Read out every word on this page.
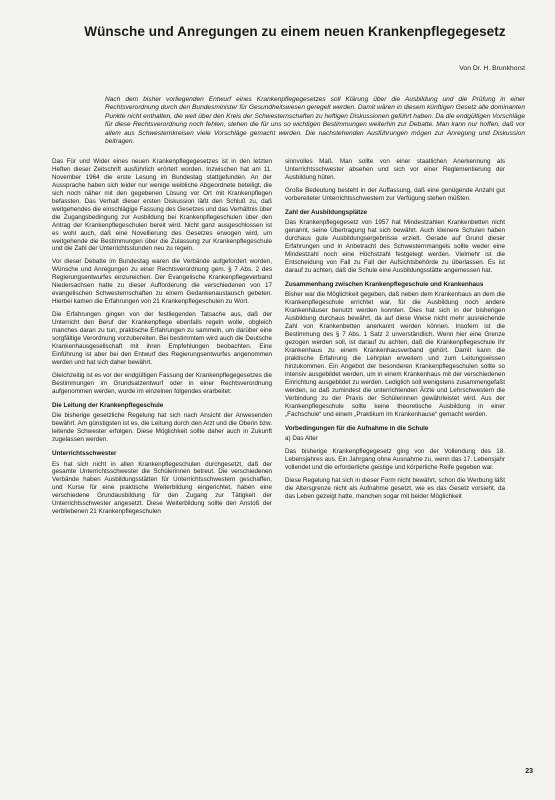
Wünsche und Anregungen zu einem neuen Krankenpflegegesetz
Von Dr. H. Brunkhorst

Nach dem bisher vorliegenden Entwurf eines Krankenpflegegesetzes soll Klärung über die Ausbildung und die Prüfung in einer Rechtsverordnung durch den Bundesminister für Gesundheitswesen geregelt werden. Damit wären in diesem künftigen Gesetz alle dominanten Punkte nicht enthalten, die weit über den Kreis der Schwesternschaften zu heftigen Diskussionen geführt haben. Da die endgültigen Vorschläge für diese Rechtsverordnung noch fehlen, stehen die für uns so wichtigen Bestimmungen weiterhin zur Debatte. Man kann nur hoffen, daß vor allem aus Schwesternkreisen viele Vorschläge gemacht werden. Die nachstehenden Ausführungen mögen zur Anregung und Diskussion beitragen.

Das Für und Wider eines neuen Krankenpflegegesetzes ist in den letzten Heften dieser Zeitschrift ausführlich erörtert worden. Inzwischen hat am 11. November 1964 die erste Lesung im Bundestag stattgefunden. An der Aussprache haben sich leider nur wenige weibliche Abgeordnete beteiligt, die sich noch näher mit den gegebenen Lösung vor Ort mit Krankenpflegen befassten. Das Verhalt dieser ersten Diskussion läßt den Schluß zu, daß weitgehendes die einschlägige Fassung des Gesetzes und das Verhältnis über die Zugangsbedingung zur Ausbildung bei Krankenpflegeschulen über den Antrag der Krankenpflegeschulen bereit wird. Nicht ganz ausgeschlossen ist es wohl auch, daß eine Novellierung des Gesetzes erwogen wird, um weitgehende die Bestimmungen über die Zulassung zur Krankenpflegeschule und die Zahl der Unterrichtsstunden neu zu regeln.

Vor dieser Debatte im Bundestag waren die Verbände aufgefordert worden, Wünsche und Anregungen zu einer Rechtsverordnung gem. § 7 Abs. 2 des Regierungsentwurfes einzureichen. Der Evangelische Krankenpflegeverband Niedersachsen hatte zu dieser Aufforderung die verschiedenen von 17 evangelischen Schwesternschaften zu einem Gedankenaustausch gebeten. Hierbei kamen die Erfahrungen von 21 Krankenpflegeschulen zu Wort.

Die Erfahrungen gingen von der festliegenden Tatsache aus, daß der Unterricht den Beruf der Krankenpflege ebenfalls regeln wolle, obgleich manches daran zu tun, praktische Erfahrungen zu sammeln, um darüber eine sorgfältige Verordnung vorzubereiten. Bei bestimmtem wird auch die Deutsche Krankenhausgesellschaft mit ihren Empfehlungen beobachten. Eine Einführung ist aber bei den Entwurf des Regierungsentwurfes angenommen werden und hat sich daher bewährt.

Gleichzeitig ist es vor der endgültigen Fassung der Krankenpflegegesetzes die Bestimmungen im Grundsatzentwurf oder in einer Rechtsverordnung aufgenommen werden, wurde im einzelnen folgendes erarbeitet:

Die Leitung der Krankenpflegeschule

Die bisherige gesetzliche Regelung hat sich nach Ansicht der Anwesenden bewährt. Am günstigsten ist es, die Leitung durch den Arzt und die Oberin bzw. leitende Schwester erfolgen. Diese Möglichkeit sollte daher auch in Zukunft zugelassen werden.

Unterrichtsschwester

Es hat sich nicht in allen Krankenpflegeschulen durchgesetzt, daß der gesamte Unterrichtsschwester die Schülerinnen betreut. Die verschiedenen Verbände haben Ausbildungsstätten für Unterrichtsschwestern geschaffen, und Kurse für eine praktische Weiterbildung eingerichtet, haben eine verschiedene Grundausbildung für den Zugang zur Tätigkeit der Unterrichtsschwester angesetzt. Diese Weiterbildung sollte den Anstoß der verbliebenen 21 Krankenpflegeschulen

sinnvolles Maß. Man sollte von einer staatlichen Anerkennung als Unterrichtsschwester absehen und sich vor einer Reglementierung der Ausbildung hüten.

Große Bedeutung besteht in der Auffassung, daß eine genügende Anzahl gut vorbereiteter Unterrichtsschwestern zur Verfügung stehen müßten.

Zahl der Ausbildungsplätze

Das Krankenpflegegesetz von 1957 hat Mindestzahlen Krankenbetten nicht genannt, seine Übertragung hat sich bewährt. Auch kleinere Schulen haben durchaus gute Ausbildungsergebnisse erzielt. Gerade auf Grund dieser Erfahrungen und in Anbetracht des Schwesternmangels sollte weder eine Mindestzahl noch eine Höchstzahl festgelegt werden. Vielmehr ist die Entscheidung von Fall zu Fall der Aufsichtsbehörde zu überlassen. Es ist darauf zu achten, daß die Schule eine Ausbildungsstätte angemessen hat.

Zusammenhang zwischen Krankenpflegeschule und Krankenhaus

Bisher war die Möglichkeit gegeben, daß neben dem Krankenhaus an dem die Krankenpflegeschule errichtet war, für die Ausbildung noch andere Krankenhäuser benutzt werden konnten. Dies hat sich in der bisherigen Ausbildung durchaus bewährt, da auf diese Weise nicht mehr ausreichende Zahl von Krankenbetten anerkannt werden können. Insofern ist die Bestimmung des § 7 Abs. 1 Satz 2 unverständlich. Wenn hier eine Grenze gezogen werden soll, ist darauf zu achten, daß die Krankenpflegeschule ihr Krankenhaus zu einem Krankenhausverband gehört. Damit kann die praktische Erfahrung die Lehrplan erweitern und zum Leitungswissen hinzukommen. Ein Angebot der besonderen Krankenpflegeschulen sollte so intensiv ausgebildet werden, um in einem Krankenhaus mit der verschiedenen Einrichtung ausgebildet zu werden. Lediglich soll wenigstens zusammengefaßt werden, so daß zumindest die unterrichtenden Ärzte und Lehrschwestern die Verbindung zu der Praxis der Schülerinnen gewährleistet wird. Aus der Krankenpflegeschule sollte keine theoretische Ausbildung in einer „Fachschule“ und einem „Praktikum im Krankenhause“ gemacht werden.

Vorbedingungen für die Aufnahme in die Schule

a) Das Alter

Das bisherige Krankenpflegegesetz ging von der Vollendung des 18. Lebensjahres aus. Ein Jahrgang ohne Ausnahme zu, wenn das 17. Lebensjahr vollendet und die erforderliche geistige und körperliche Reife gegeben war.

Diese Regelung hat sich in dieser Form nicht bewährt, schon die Werbung läßt die Altersgrenze nicht als Aufnahme gesetzt, wie es das Gesetz vorsieht, da das Leben gezeigt hatte, manchen sogar mit beider Möglichkeit

23
